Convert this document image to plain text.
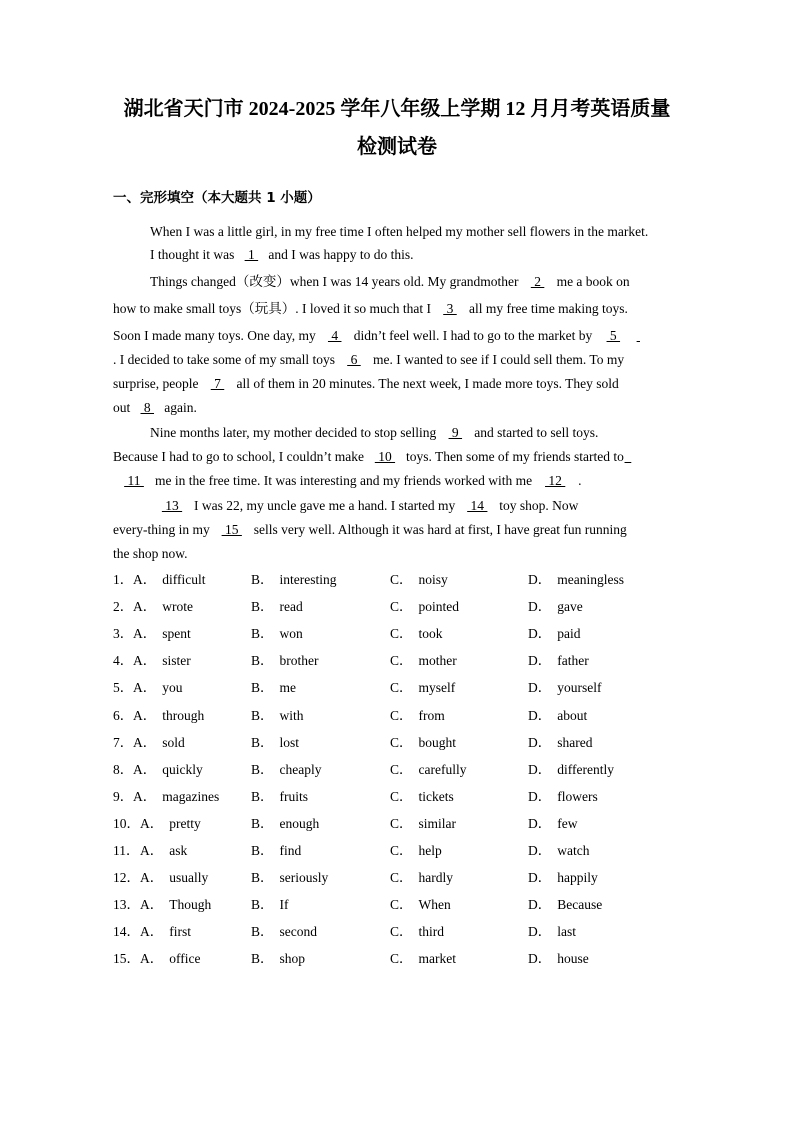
湖北省天门市 2024-2025 学年八年级上学期 12 月月考英语质量
检测试卷
一、完形填空（本大题共 1 小题）
When I was a little girl, in my free time I often helped my mother sell flowers in the market.
I thought it was 1 and I was happy to do this.
Things changed（改变）when I was 14 years old. My grandmother 2 me a book on
how to make small toys（玩具）. I loved it so much that I 3 all my free time making toys.
Soon I made many toys. One day, my 4 didn’t feel well. I had to go to the market by 5
. I decided to take some of my small toys 6 me. I wanted to see if I could sell them. To my
surprise, people 7 all of them in 20 minutes. The next week, I made more toys. They sold
out 8 again.
Nine months later, my mother decided to stop selling 9 and started to sell toys.
Because I had to go to school, I couldn’t make 10 toys. Then some of my friends started to
11 me in the free time. It was interesting and my friends worked with me 12 .
13 I was 22, my uncle gave me a hand. I started my 14 toy shop. Now
every-thing in my 15 sells very well. Although it was hard at first, I have great fun running
the shop now.
1． A． difficult	B． interesting	C． noisy	D． meaningless
2． A． wrote	B． read	C． pointed	D． gave
3． A． spent	B． won	C． took	D． paid
4． A． sister	B． brother	C． mother	D． father
5． A． you	B． me	C． myself	D． yourself
6． A． through	B． with	C． from	D． about
7． A． sold	B． lost	C． bought	D． shared
8． A． quickly	B． cheaply	C． carefully	D． differently
9． A． magazines B． fruits	C． tickets	D． flowers
10． A． pretty	B． enough	C． similar	D． few
11． A． ask	B． find	C． help	D． watch
12． A． usually	B． seriously	C． hardly	D． happily
13． A． Though	B． If	C． When	D． Because
14． A． first	B． second	C． third	D． last
15． A． office	B． shop	C． market	D． house
